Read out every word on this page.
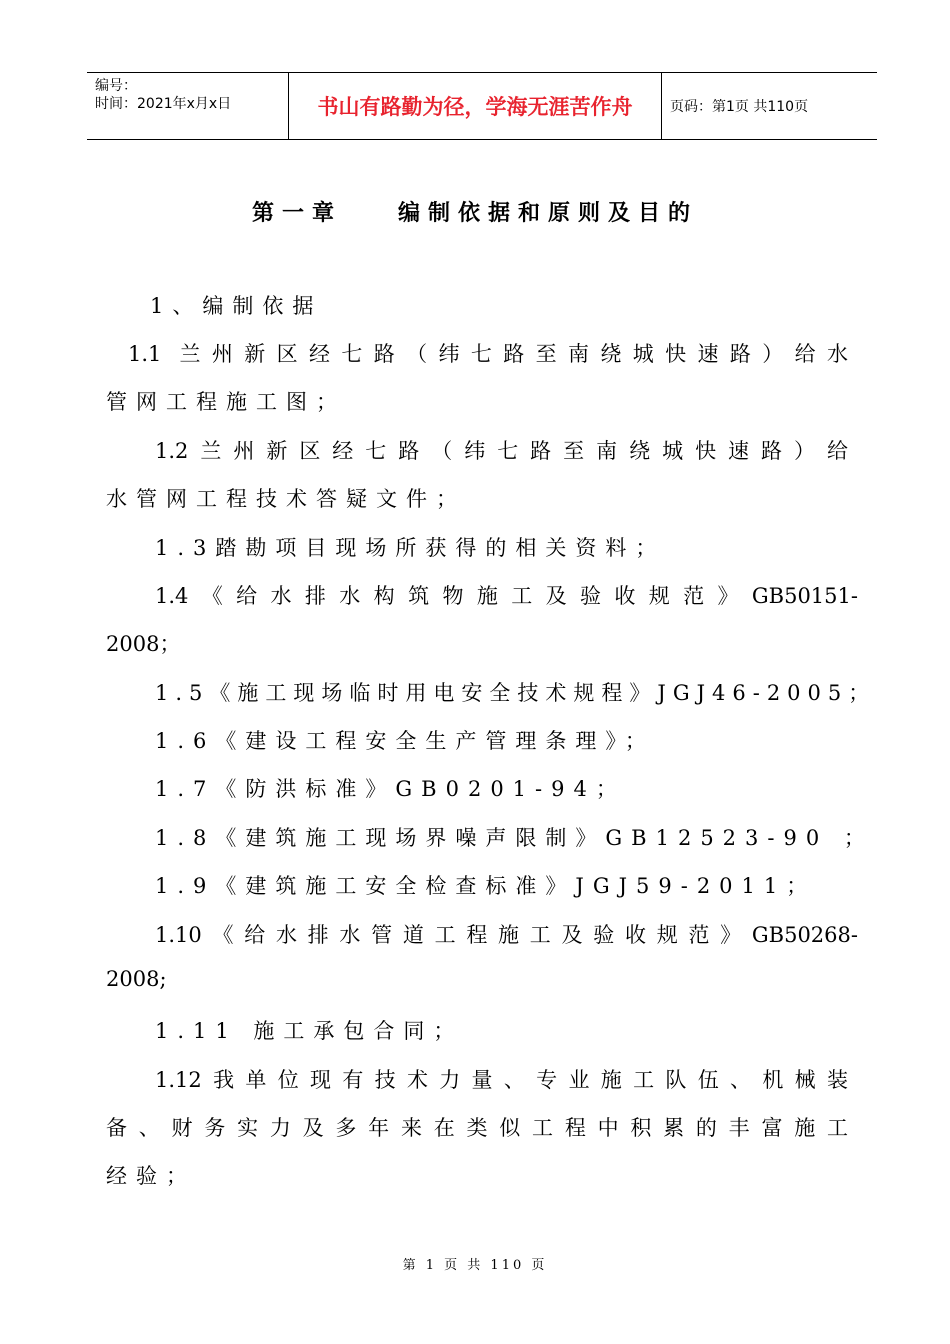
编号：
时间：2021年x月x日	书山有路勤为径，学海无涯苦作舟	页码：第1页 共110页
第一章	编制依据和原则及目的
1、编制依据
1.1 兰州新区经七路（纬七路至南绕城快速路）给水
管网工程施工图；
1.2兰州新区经七路（纬七路至南绕城快速路）给
水管网工程技术答疑文件；
1.3踏勘项目现场所获得的相关资料；
1.4《给水排水构筑物施工及验收规范》GB50151-
2008；
1.5《施工现场临时用电安全技术规程》JGJ46-2005；
1.6《建设工程安全生产管理条理》；
1.7《防洪标准》GB0201-94；
1.8《建筑施工现场界噪声限制》GB12523-90 ；
1.9《建筑施工安全检查标准》JGJ59-2011；
1.10《给水排水管道工程施工及验收规范》GB50268-
2008;
1.11 施工承包合同；
1.12我单位现有技术力量、专业施工队伍、机械装
备、财务实力及多年来在类似工程中积累的丰富施工
经验；
第 1 页 共 110 页
